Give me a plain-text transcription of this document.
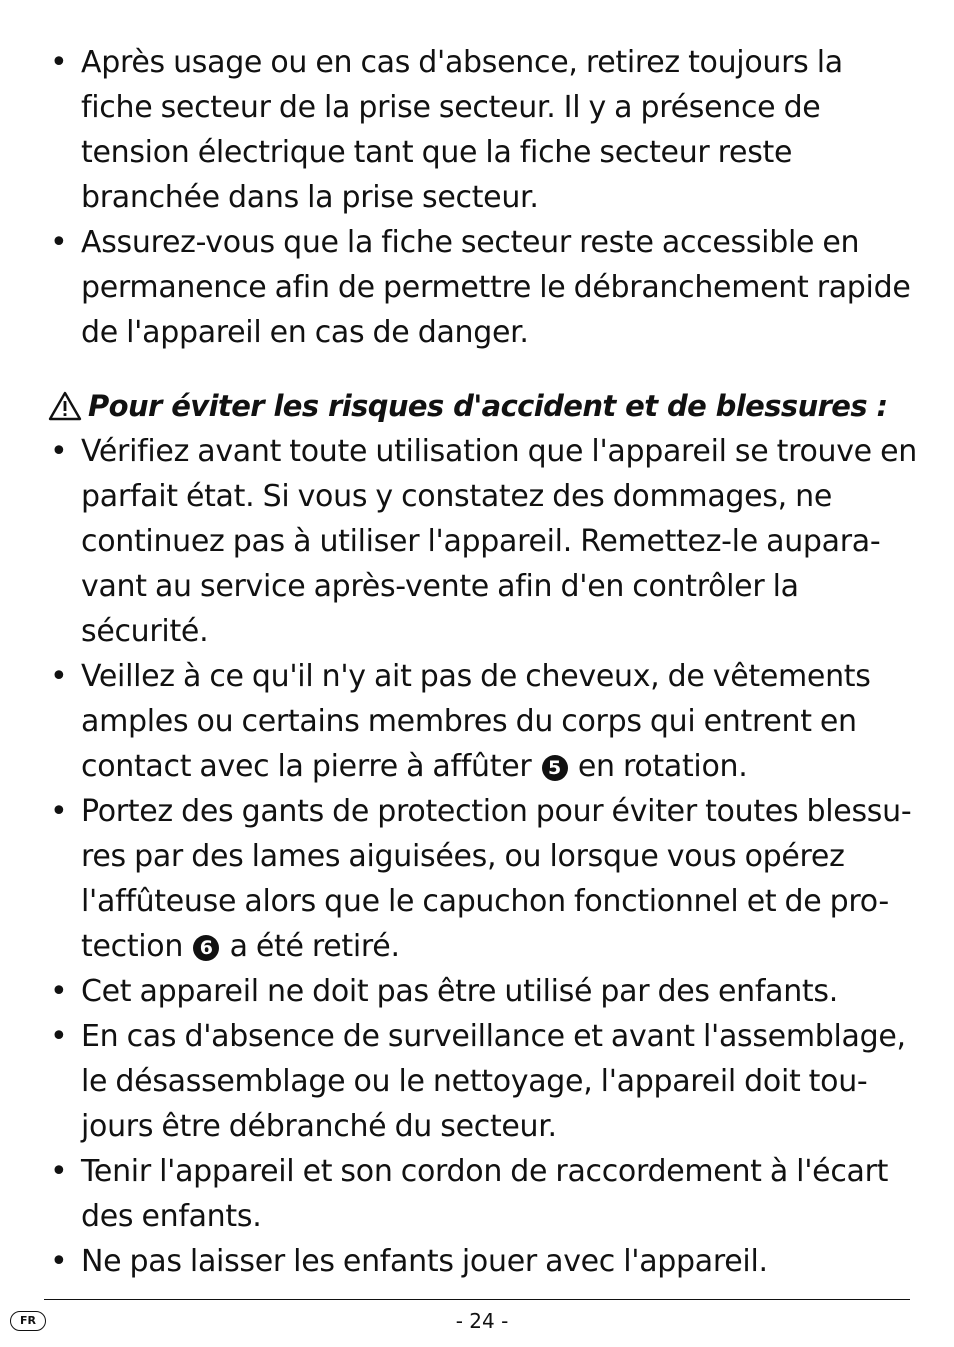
• Après usage ou en cas d'absence, retirez toujours la fiche secteur de la prise secteur. Il y a présence de tension électrique tant que la fiche secteur reste branchée dans la prise secteur.
• Assurez-vous que la fiche secteur reste accessible en permanence afin de permettre le débranchement rapide de l'appareil en cas de danger.
Pour éviter les risques d'accident et de blessures :
• Vérifiez avant toute utilisation que l'appareil se trouve en parfait état. Si vous y constatez des dommages, ne continuez pas à utiliser l'appareil. Remettez-le aupara-vant au service après-vente afin d'en contrôler la sécurité.
• Veillez à ce qu'il n'y ait pas de cheveux, de vêtements amples ou certains membres du corps qui entrent en contact avec la pierre à affûter 5 en rotation.
• Portez des gants de protection pour éviter toutes blessu-res par des lames aiguisées, ou lorsque vous opérez l'affûteuse alors que le capuchon fonctionnel et de pro-tection 6 a été retiré.
• Cet appareil ne doit pas être utilisé par des enfants.
• En cas d'absence de surveillance et avant l'assemblage, le désassemblage ou le nettoyage, l'appareil doit tou-jours être débranché du secteur.
• Tenir l'appareil et son cordon de raccordement à l'écart des enfants.
• Ne pas laisser les enfants jouer avec l'appareil.
FR	- 24 -
